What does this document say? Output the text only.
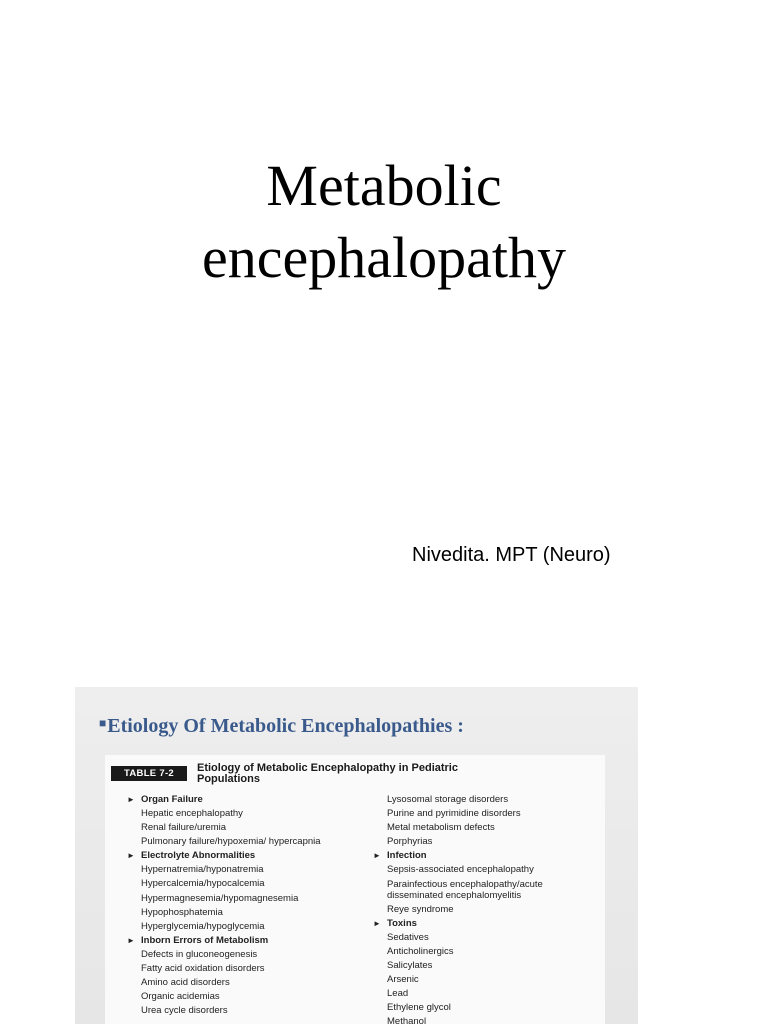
Metabolic
encephalopathy
Nivedita. MPT (Neuro)
■Etiology Of Metabolic Encephalopathies :
TABLE 7-2	Etiology of Metabolic Encephalopathy in Pediatric Populations
► Organ Failure
Hepatic encephalopathy
Renal failure/uremia
Pulmonary failure/hypoxemia/ hypercapnia
► Electrolyte Abnormalities
Hypernatremia/hyponatremia
Hypercalcemia/hypocalcemia
Hypermagnesemia/hypomagnesemia
Hypophosphatemia
Hyperglycemia/hypoglycemia
► Inborn Errors of Metabolism
Defects in gluconeogenesis
Fatty acid oxidation disorders
Amino acid disorders
Organic acidemias
Urea cycle disorders
Lysosomal storage disorders
Purine and pyrimidine disorders
Metal metabolism defects
Porphyrias
► Infection
Sepsis-associated encephalopathy
Parainfectious encephalopathy/acute disseminated encephalomyelitis
Reye syndrome
► Toxins
Sedatives
Anticholinergics
Salicylates
Arsenic
Lead
Ethylene glycol
Methanol
